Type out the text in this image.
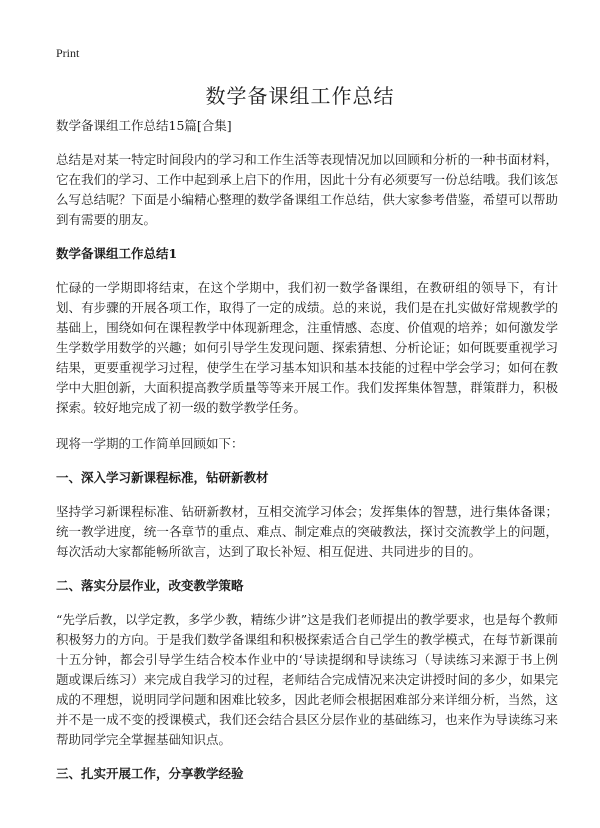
Print
数学备课组工作总结

数学备课组工作总结15篇[合集]

总结是对某一特定时间段内的学习和工作生活等表现情况加以回顾和分析的一种书面材料，它在我们的学习、工作中起到承上启下的作用，因此十分有必须要写一份总结哦。我们该怎么写总结呢？下面是小编精心整理的数学备课组工作总结，供大家参考借鉴，希望可以帮助到有需要的朋友。

数学备课组工作总结1

忙碌的一学期即将结束，在这个学期中，我们初一数学备课组，在教研组的领导下，有计划、有步骤的开展各项工作，取得了一定的成绩。总的来说，我们是在扎实做好常规教学的基础上，围绕如何在课程教学中体现新理念，注重情感、态度、价值观的培养；如何激发学生学数学用数学的兴趣；如何引导学生发现问题、探索猜想、分析论证；如何既要重视学习结果，更要重视学习过程，使学生在学习基本知识和基本技能的过程中学会学习；如何在教学中大胆创新，大面积提高教学质量等等来开展工作。我们发挥集体智慧，群策群力，积极探索。较好地完成了初一级的数学教学任务。

现将一学期的工作简单回顾如下：

一、深入学习新课程标准，钻研新教材

坚持学习新课程标准、钻研新教材，互相交流学习体会；发挥集体的智慧，进行集体备课；统一教学进度，统一各章节的重点、难点、制定难点的突破教法，探讨交流教学上的问题，每次活动大家都能畅所欲言，达到了取长补短、相互促进、共同进步的目的。

二、落实分层作业，改变教学策略

“先学后教，以学定教，多学少教，精练少讲”这是我们老师提出的教学要求，也是每个教师积极努力的方向。于是我们数学备课组和积极探索适合自己学生的教学模式，在每节新课前十五分钟，都会引导学生结合校本作业中的‘导读提纲和导读练习（导读练习来源于书上例题或课后练习）来完成自我学习的过程，老师结合完成情况来决定讲授时间的多少，如果完成的不理想，说明同学问题和困难比较多，因此老师会根据困难部分来详细分析，当然，这并不是一成不变的授课模式，我们还会结合县区分层作业的基础练习，也来作为导读练习来帮助同学完全掌握基础知识点。

三、扎实开展工作，分享教学经验
